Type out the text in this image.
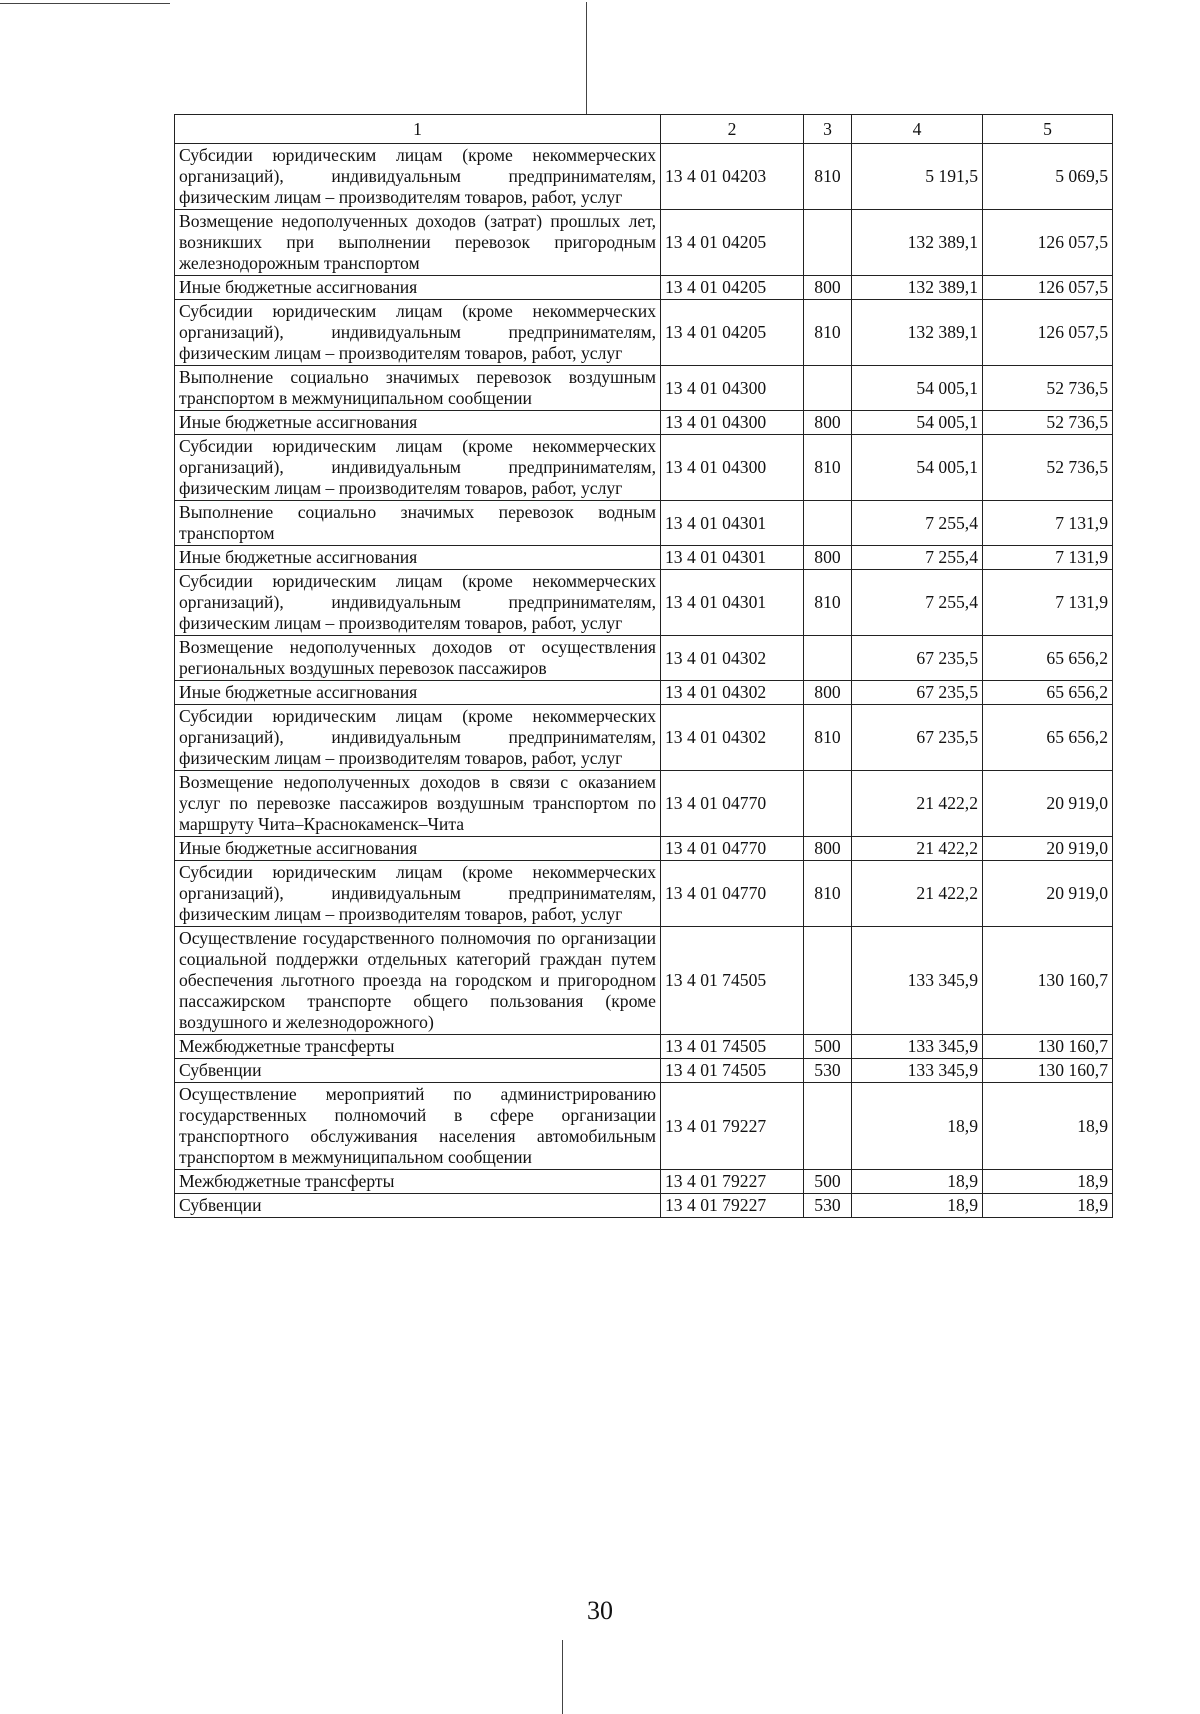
1	2	3	4	5
Субсидии юридическим лицам (кроме некоммерческих организаций), индивидуальным предпринимателям, физическим лицам – производителям товаров, работ, услуг	13 4 01 04203	810	5 191,5	5 069,5
Возмещение недополученных доходов (затрат) прошлых лет, возникших при выполнении перевозок пригородным железнодорожным транспортом	13 4 01 04205		132 389,1	126 057,5
Иные бюджетные ассигнования	13 4 01 04205	800	132 389,1	126 057,5
Субсидии юридическим лицам (кроме некоммерческих организаций), индивидуальным предпринимателям, физическим лицам – производителям товаров, работ, услуг	13 4 01 04205	810	132 389,1	126 057,5
Выполнение социально значимых перевозок воздушным транспортом в межмуниципальном сообщении	13 4 01 04300		54 005,1	52 736,5
Иные бюджетные ассигнования	13 4 01 04300	800	54 005,1	52 736,5
Субсидии юридическим лицам (кроме некоммерческих организаций), индивидуальным предпринимателям, физическим лицам – производителям товаров, работ, услуг	13 4 01 04300	810	54 005,1	52 736,5
Выполнение социально значимых перевозок водным транспортом	13 4 01 04301		7 255,4	7 131,9
Иные бюджетные ассигнования	13 4 01 04301	800	7 255,4	7 131,9
Субсидии юридическим лицам (кроме некоммерческих организаций), индивидуальным предпринимателям, физическим лицам – производителям товаров, работ, услуг	13 4 01 04301	810	7 255,4	7 131,9
Возмещение недополученных доходов от осуществления региональных воздушных перевозок пассажиров	13 4 01 04302		67 235,5	65 656,2
Иные бюджетные ассигнования	13 4 01 04302	800	67 235,5	65 656,2
Субсидии юридическим лицам (кроме некоммерческих организаций), индивидуальным предпринимателям, физическим лицам – производителям товаров, работ, услуг	13 4 01 04302	810	67 235,5	65 656,2
Возмещение недополученных доходов в связи с оказанием услуг по перевозке пассажиров воздушным транспортом по маршруту Чита–Краснокаменск–Чита	13 4 01 04770		21 422,2	20 919,0
Иные бюджетные ассигнования	13 4 01 04770	800	21 422,2	20 919,0
Субсидии юридическим лицам (кроме некоммерческих организаций), индивидуальным предпринимателям, физическим лицам – производителям товаров, работ, услуг	13 4 01 04770	810	21 422,2	20 919,0
Осуществление государственного полномочия по организации социальной поддержки отдельных категорий граждан путем обеспечения льготного проезда на городском и пригородном пассажирском транспорте общего пользования (кроме воздушного и железнодорожного)	13 4 01 74505		133 345,9	130 160,7
Межбюджетные трансферты	13 4 01 74505	500	133 345,9	130 160,7
Субвенции	13 4 01 74505	530	133 345,9	130 160,7
Осуществление мероприятий по администрированию государственных полномочий в сфере организации транспортного обслуживания населения автомобильным транспортом в межмуниципальном сообщении	13 4 01 79227		18,9	18,9
Межбюджетные трансферты	13 4 01 79227	500	18,9	18,9
Субвенции	13 4 01 79227	530	18,9	18,9
30
